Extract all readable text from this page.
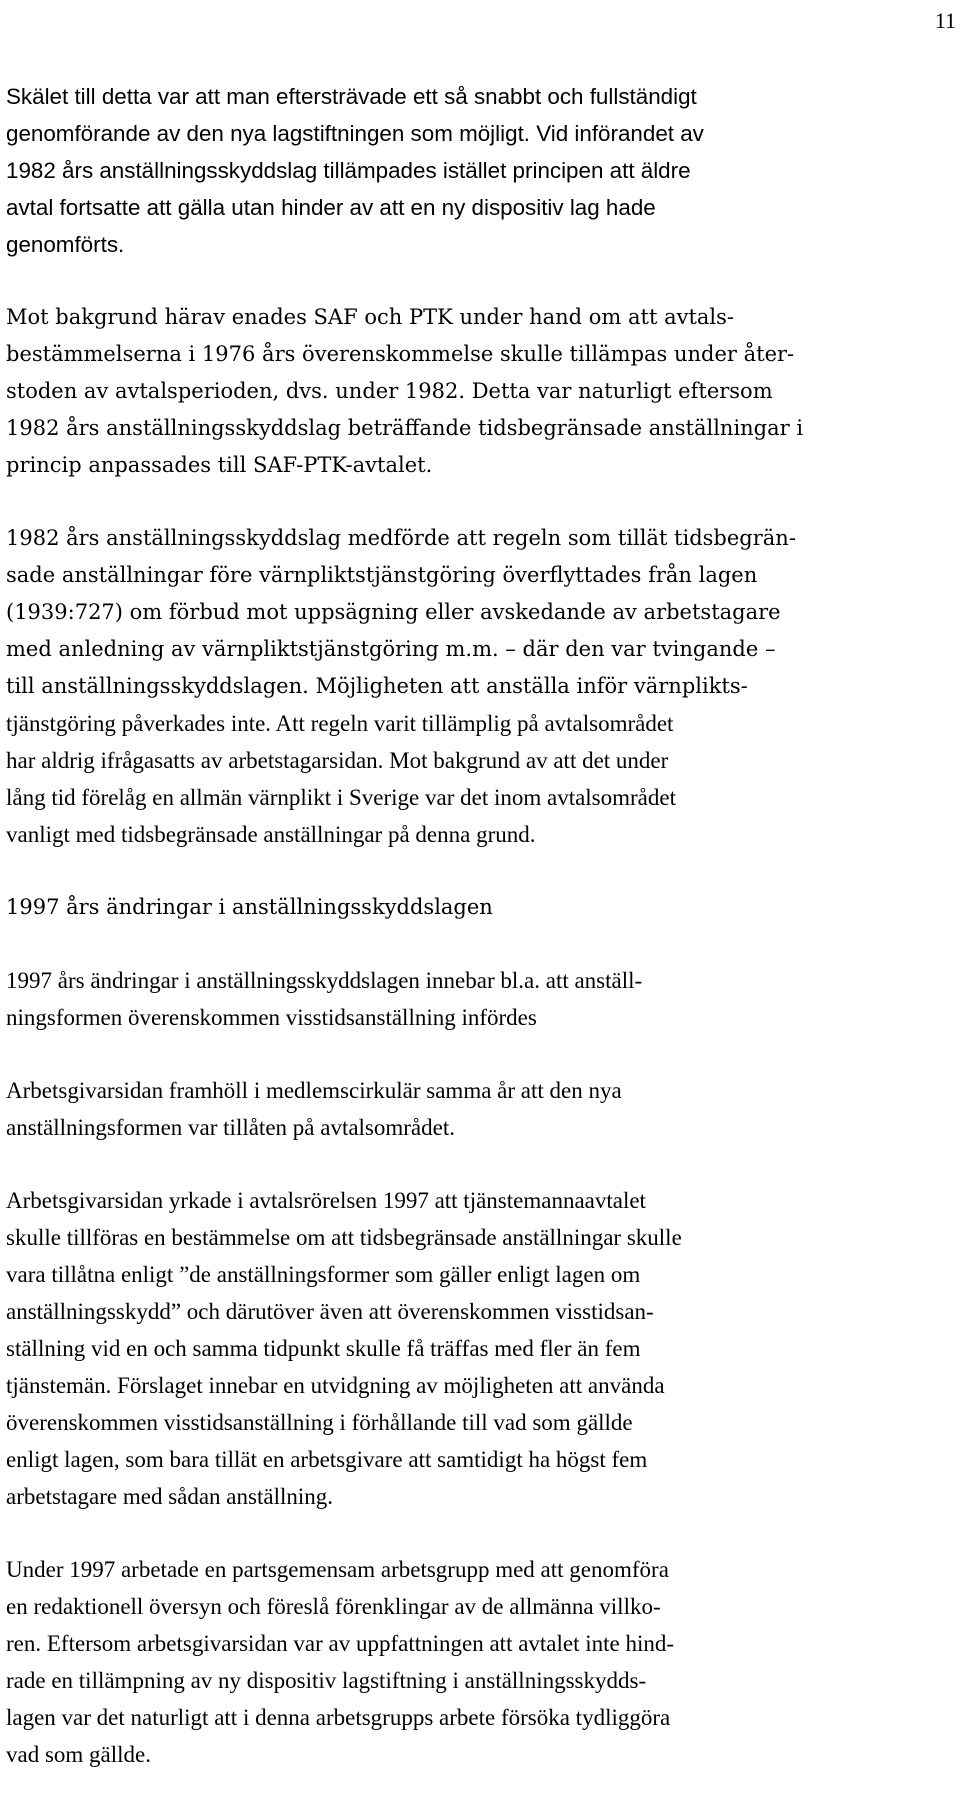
11
Skälet till detta var att man eftersträvade ett så snabbt och fullständigt
genomförande av den nya lagstiftningen som möjligt. Vid införandet av
1982 års anställningsskyddslag tillämpades istället principen att äldre
avtal fortsatte att gälla utan hinder av att en ny dispositiv lag hade
genomförts.
Mot bakgrund härav enades SAF och PTK under hand om att avtals-
bestämmelserna i 1976 års överenskommelse skulle tillämpas under åter-
stoden av avtalsperioden, dvs. under 1982. Detta var naturligt eftersom
1982 års anställningsskyddslag beträffande tidsbegränsade anställningar i
princip anpassades till SAF-PTK-avtalet.
1982 års anställningsskyddslag medförde att regeln som tillät tidsbegrän-
sade anställningar före värnpliktstjänstgöring överflyttades från lagen
(1939:727) om förbud mot uppsägning eller avskedande av arbetstagare
med anledning av värnpliktstjänstgöring m.m. – där den var tvingande –
till anställningsskyddslagen. Möjligheten att anställa inför värnplikts-
tjänstgöring påverkades inte. Att regeln varit tillämplig på avtalsområdet
har aldrig ifrågasatts av arbetstagarsidan. Mot bakgrund av att det under
lång tid förelåg en allmän värnplikt i Sverige var det inom avtalsområdet
vanligt med tidsbegränsade anställningar på denna grund.
1997 års ändringar i anställningsskyddslagen
1997 års ändringar i anställningsskyddslagen innebar bl.a. att anställ-
ningsformen överenskommen visstidsanställning infördes
Arbetsgivarsidan framhöll i medlemscirkulär samma år att den nya
anställningsformen var tillåten på avtalsområdet.
Arbetsgivarsidan yrkade i avtalsrörelsen 1997 att tjänstemannaavtalet
skulle tillföras en bestämmelse om att tidsbegränsade anställningar skulle
vara tillåtna enligt ”de anställningsformer som gäller enligt lagen om
anställningsskydd” och därutöver även att överenskommen visstidsan-
ställning vid en och samma tidpunkt skulle få träffas med fler än fem
tjänstemän. Förslaget innebar en utvidgning av möjligheten att använda
överenskommen visstidsanställning i förhållande till vad som gällde
enligt lagen, som bara tillät en arbetsgivare att samtidigt ha högst fem
arbetstagare med sådan anställning.
Under 1997 arbetade en partsgemensam arbetsgrupp med att genomföra
en redaktionell översyn och föreslå förenklingar av de allmänna villko-
ren. Eftersom arbetsgivarsidan var av uppfattningen att avtalet inte hind-
rade en tillämpning av ny dispositiv lagstiftning i anställningsskydds-
lagen var det naturligt att i denna arbetsgrupps arbete försöka tydliggöra
vad som gällde.
